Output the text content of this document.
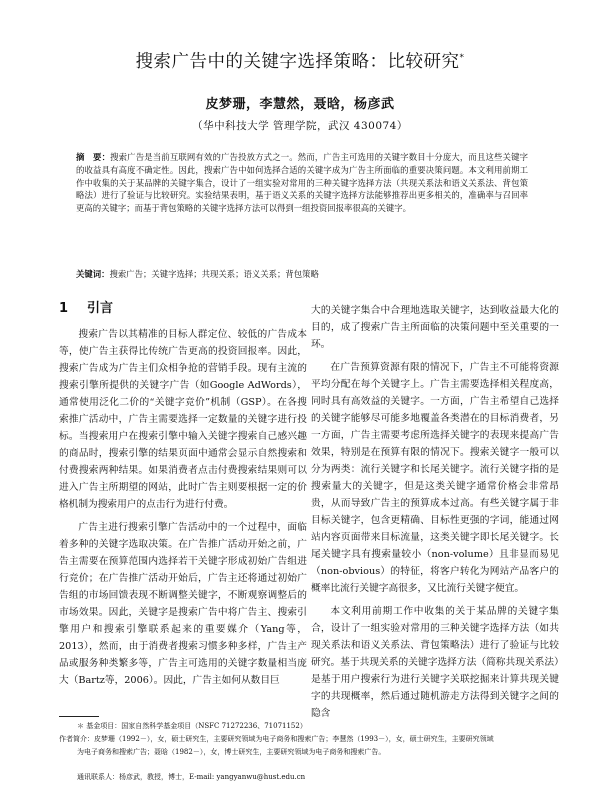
搜索广告中的关键字选择策略：比较研究*
皮梦珊，李慧然，聂晗，杨彦武
（华中科技大学 管理学院，武汉 430074）
摘　要：搜索广告是当前互联网有效的广告投放方式之一。然而，广告主可选用的关键字数目十分庞大，而且这些关键字的收益具有高度不确定性。因此，搜索广告中如何选择合适的关键字成为广告主所面临的重要决策问题。本文利用前期工作中收集的关于某品牌的关键字集合，设计了一组实验对常用的三种关键字选择方法（共现关系法和语义关系法、背包策略法）进行了验证与比较研究。实验结果表明，基于语义关系的关键字选择方法能够推荐出更多相关的，准确率与召回率更高的关键字；而基于背包策略的关键字选择方法可以得到一组投资回报率很高的关键字。
关键词：搜索广告；关键字选择；共现关系；语义关系；背包策略
1 引言

搜索广告以其精准的目标人群定位、较低的广告成本等，使广告主获得比传统广告更高的投资回报率。因此，搜索广告成为广告主们众相争抢的营销手段。现有主流的搜索引擎所提供的关键字广告（如Google AdWords），通常使用泛化二价的“关键字竞价”机制（GSP）。在各搜索推广活动中，广告主需要选择一定数量的关键字进行投标。当搜索用户在搜索引擎中输入关键字搜索自己感兴趣的商品时，搜索引擎的结果页面中通常会显示自然搜索和付费搜索两种结果。如果消费者点击付费搜索结果则可以进入广告主所期望的网站，此时广告主则要根据一定的价格机制为搜索用户的点击行为进行付费。

广告主进行搜索引擎广告活动中的一个过程中，面临着多种的关键字选取决策。在广告推广活动开始之前，广告主需要在预算范围内选择若干关键字形成初始广告组进行竞价；在广告推广活动开始后，广告主还将通过初始广告组的市场回馈表现不断调整关键字，不断观察调整后的市场效果。因此，关键字是搜索广告中将广告主、搜索引擎用户和搜索引擎联系起来的重要媒介（Yang等，2013），然而，由于消费者搜索习惯多种多样，广告主产品或服务种类繁多等，广告主可选用的关键字数量相当庞大（Bartz等，2006）。因此，广告主如何从数目巨

大的关键字集合中合理地选取关键字，达到收益最大化的目的，成了搜索广告主所面临的决策问题中至关重要的一环。

在广告预算资源有限的情况下，广告主不可能将资源平均分配在每个关键字上。广告主需要选择相关程度高，同时具有高效益的关键字。一方面，广告主希望自己选择的关键字能够尽可能多地覆盖各类潜在的目标消费者，另一方面，广告主需要考虑所选择关键字的表现来提高广告效果，特别是在预算有限的情况下。搜索关键字一般可以分为两类：流行关键字和长尾关键字。流行关键字指的是搜索量大的关键字，但是这类关键字通常价格会非常昂贵，从而导致广告主的预算成本过高。有些关键字属于非目标关键字，包含更精确、目标性更强的字词，能通过网站内容页面带来目标流量，这类关键字即长尾关键字。长尾关键字具有搜索量较小（non-volume）且非显而易见（non-obvious）的特征，将客户转化为网站产品客户的概率比流行关键字高很多，又比流行关键字便宜。

本文利用前期工作中收集的关于某品牌的关键字集合，设计了一组实验对常用的三种关键字选择方法（如共现关系法和语义关系法、背包策略法）进行了验证与比较研究。基于共现关系的关键字选择方法（简称共现关系法）是基于用户搜索行为进行关键字关联挖掘来计算共现关键字的共现概率，然后通过随机游走方法得到关键字之间的隐含

＊ 基金项目：国家自然科学基金项目（NSFC 71272236、71071152）
作者简介：皮梦珊（1992－），女，硕士研究生，主要研究领域为电子商务和搜索广告；李慧然（1993－），女，硕士研究生，主要研究领域
为电子商务和搜索广告；聂晗（1982－），女，博士研究生，主要研究领域为电子商务和搜索广告。
通讯联系人：杨彦武，教授，博士，E-mail: yangyanwu@hust.edu.cn
